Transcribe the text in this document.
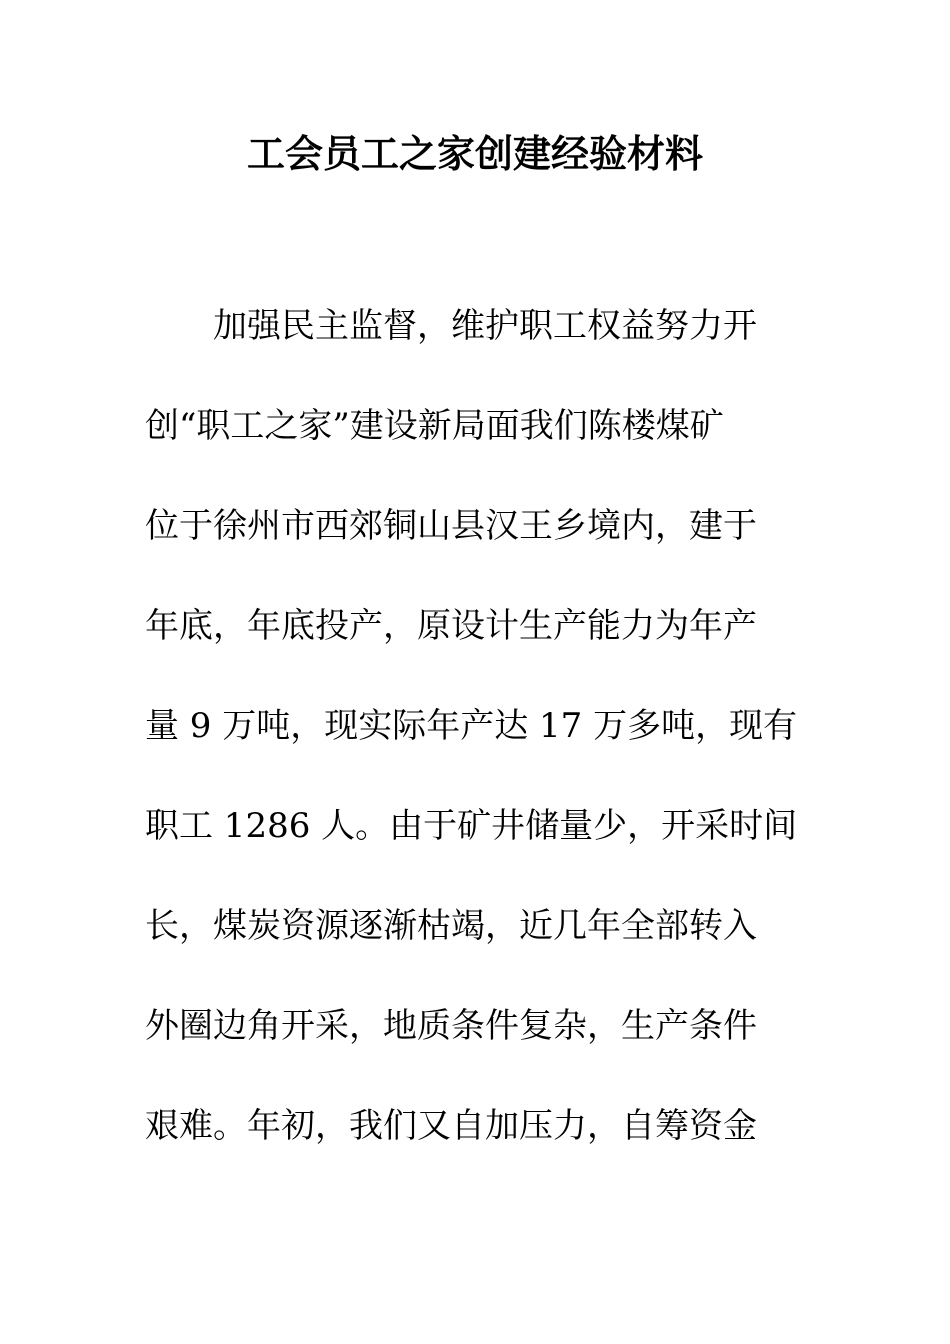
工会员工之家创建经验材料
加强民主监督，维护职工权益努力开
创“职工之家”建设新局面我们陈楼煤矿
位于徐州市西郊铜山县汉王乡境内，建于
年底，年底投产，原设计生产能力为年产
量 9 万吨，现实际年产达 17 万多吨，现有
职工 1286 人。由于矿井储量少，开采时间
长，煤炭资源逐渐枯竭，近几年全部转入
外圈边角开采，地质条件复杂，生产条件
艰难。年初，我们又自加压力，自筹资金
